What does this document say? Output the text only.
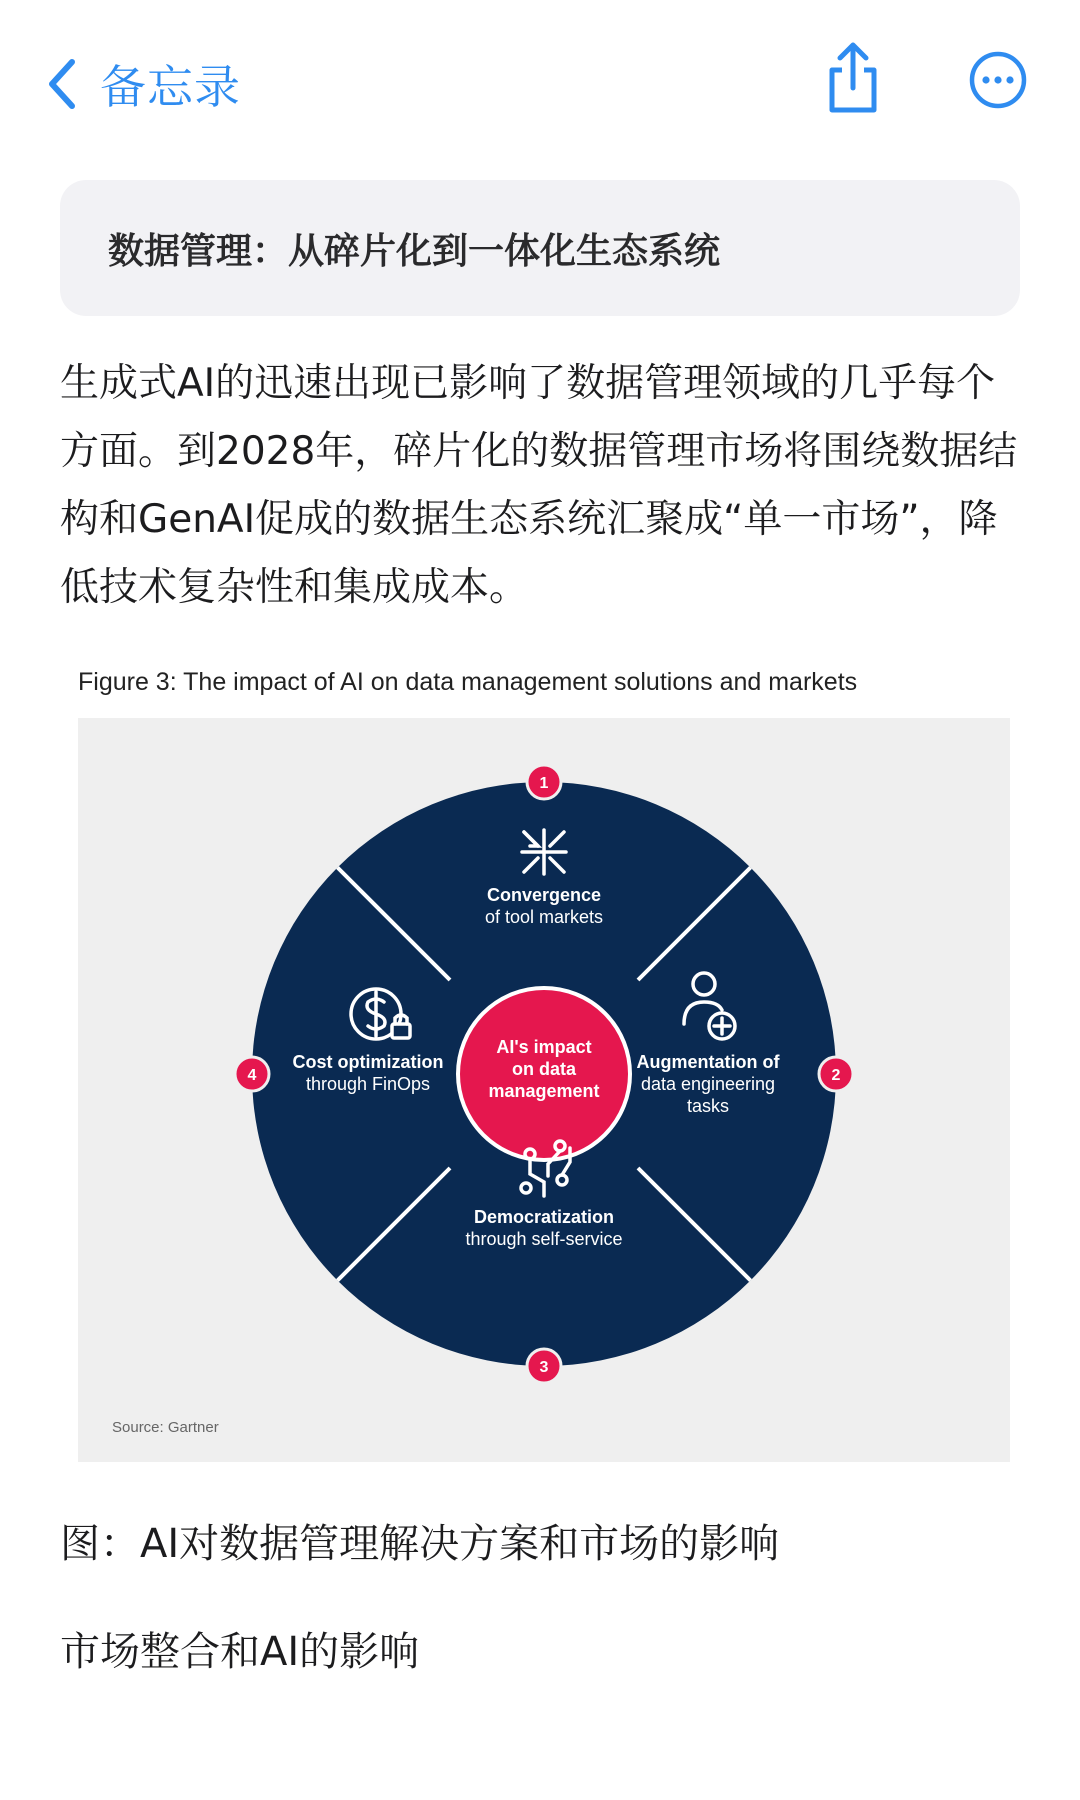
备忘录
数据管理：从碎片化到一体化生态系统

生成式AI的迅速出现已影响了数据管理领域的几乎每个方面。到2028年，碎片化的数据管理市场将围绕数据结构和GenAI促成的数据生态系统汇聚成“单一市场”，降低技术复杂性和集成成本。

Figure 3: The impact of AI on data management solutions and markets
AI's impact
on data
management
1
2
3
4
Convergence
of tool markets
Augmentation of
data engineering
tasks
Democratization
through self-service
Cost optimization
through FinOps
Source: Gartner
图：AI对数据管理解决方案和市场的影响
市场整合和AI的影响
